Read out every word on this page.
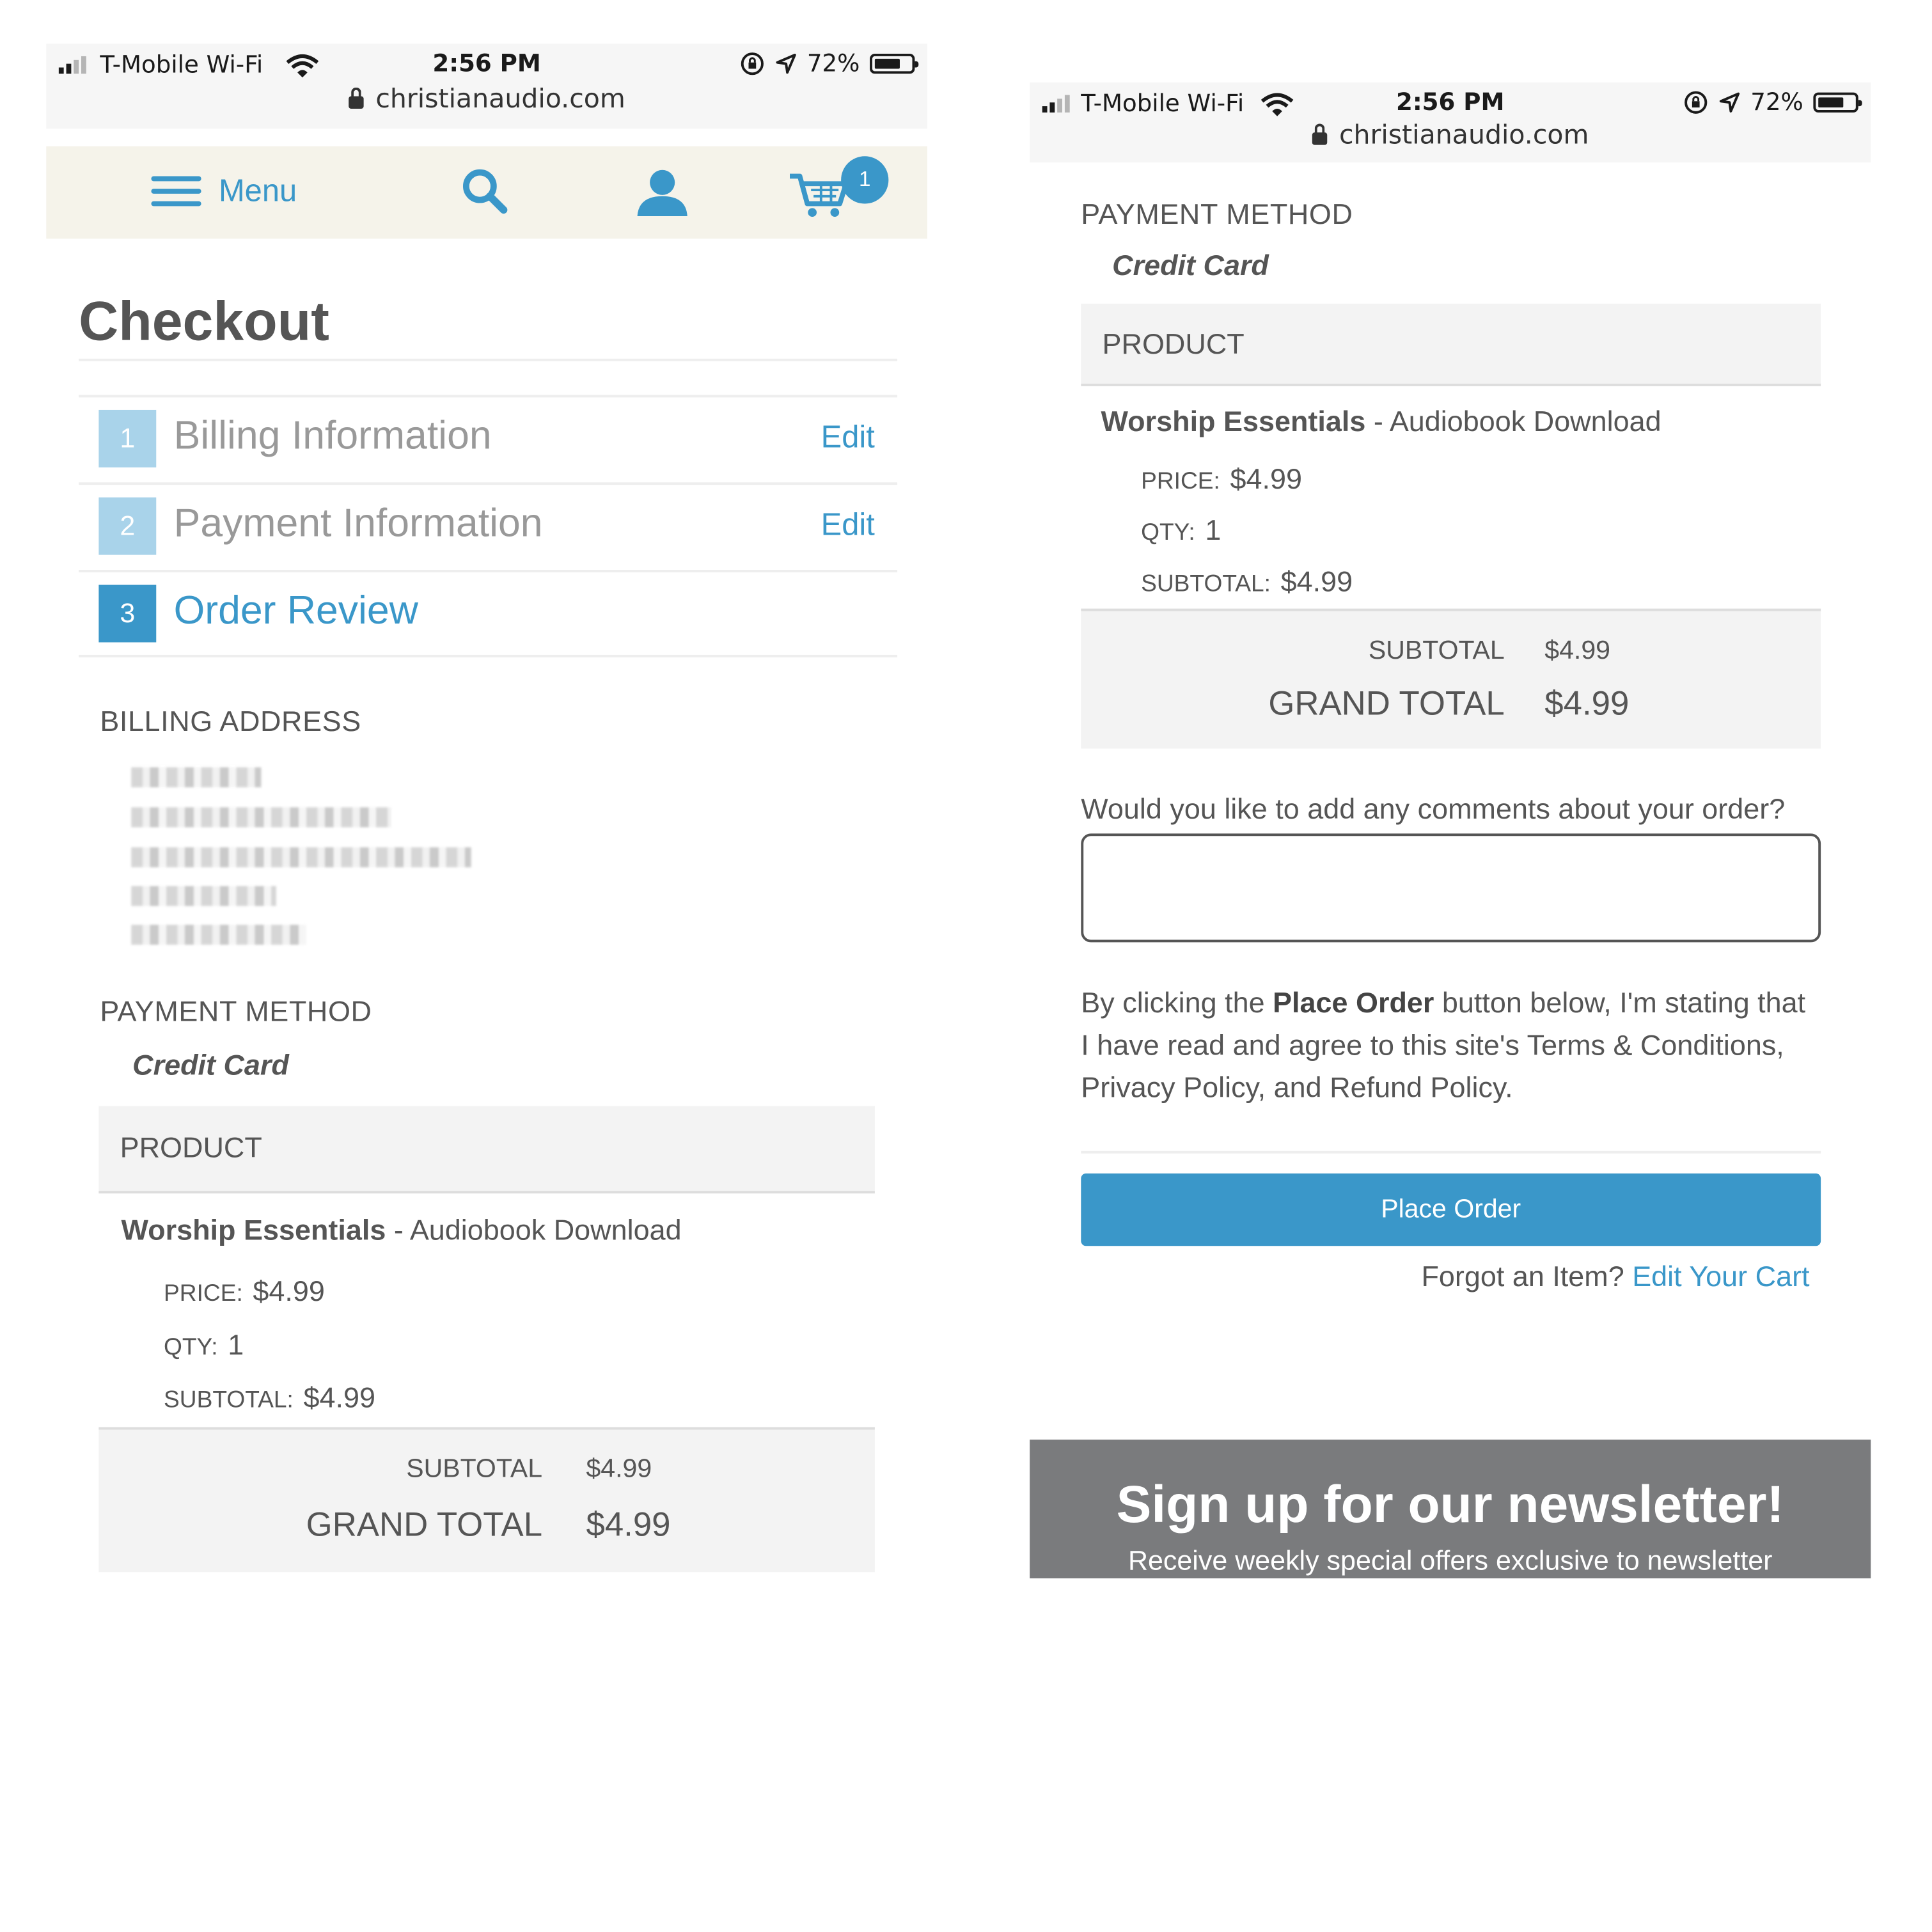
T-Mobile Wi-Fi	2:56 PM	72%
christianaudio.com
Menu	1
Checkout
1	Billing Information	Edit
2	Payment Information	Edit
3	Order Review
BILLING ADDRESS
PAYMENT METHOD
Credit Card
PRODUCT
Worship Essentials - Audiobook Download
PRICE: $4.99
QTY: 1
SUBTOTAL: $4.99
SUBTOTAL	$4.99
GRAND TOTAL	$4.99
T-Mobile Wi-Fi	2:56 PM	72%
christianaudio.com
PAYMENT METHOD
Credit Card
PRODUCT
Worship Essentials - Audiobook Download
PRICE: $4.99
QTY: 1
SUBTOTAL: $4.99
SUBTOTAL	$4.99
GRAND TOTAL $4.99
Would you like to add any comments about your order?
By clicking the Place Order button below, I'm stating that I have read and agree to this site's Terms & Conditions, Privacy Policy, and Refund Policy.
Place Order
Forgot an Item? Edit Your Cart
Sign up for our newsletter!
Receive weekly special offers exclusive to newsletter
